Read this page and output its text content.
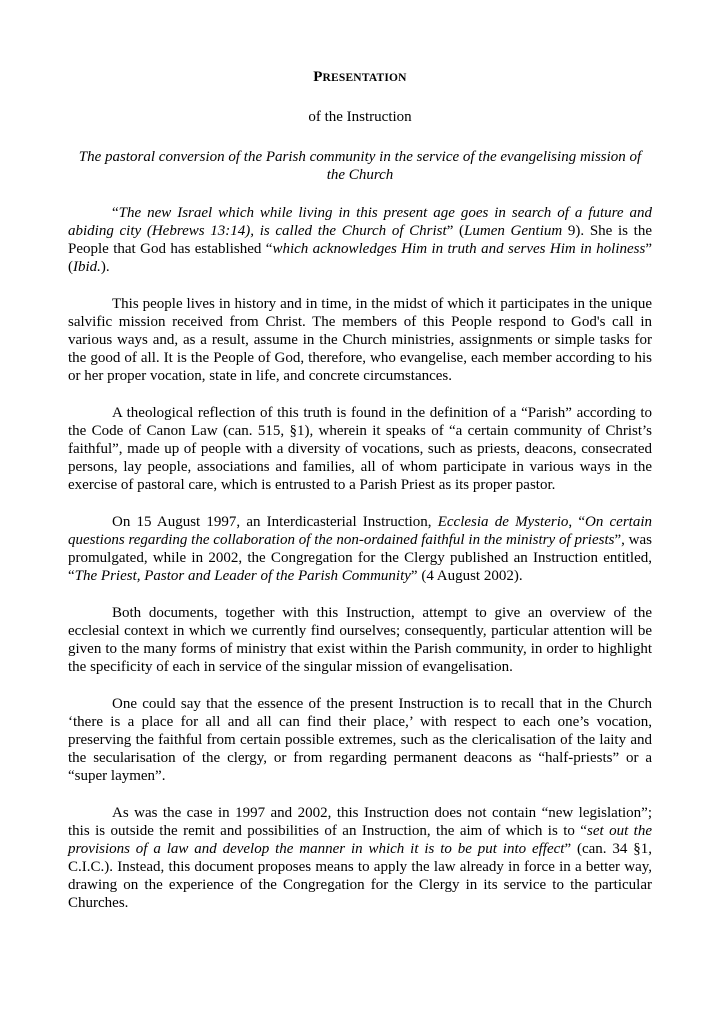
PRESENTATION

of the Instruction

The pastoral conversion of the Parish community in the service of the evangelising mission of the Church

“The new Israel which while living in this present age goes in search of a future and abiding city (Hebrews 13:14), is called the Church of Christ” (Lumen Gentium 9). She is the People that God has established “which acknowledges Him in truth and serves Him in holiness” (Ibid.).

This people lives in history and in time, in the midst of which it participates in the unique salvific mission received from Christ. The members of this People respond to God's call in various ways and, as a result, assume in the Church ministries, assignments or simple tasks for the good of all. It is the People of God, therefore, who evangelise, each member according to his or her proper vocation, state in life, and concrete circumstances.

A theological reflection of this truth is found in the definition of a “Parish” according to the Code of Canon Law (can. 515, §1), wherein it speaks of “a certain community of Christ’s faithful”, made up of people with a diversity of vocations, such as priests, deacons, consecrated persons, lay people, associations and families, all of whom participate in various ways in the exercise of pastoral care, which is entrusted to a Parish Priest as its proper pastor.

On 15 August 1997, an Interdicasterial Instruction, Ecclesia de Mysterio, “On certain questions regarding the collaboration of the non-ordained faithful in the ministry of priests”, was promulgated, while in 2002, the Congregation for the Clergy published an Instruction entitled, “The Priest, Pastor and Leader of the Parish Community” (4 August 2002).

Both documents, together with this Instruction, attempt to give an overview of the ecclesial context in which we currently find ourselves; consequently, particular attention will be given to the many forms of ministry that exist within the Parish community, in order to highlight the specificity of each in service of the singular mission of evangelisation.

One could say that the essence of the present Instruction is to recall that in the Church ‘there is a place for all and all can find their place,’ with respect to each one’s vocation, preserving the faithful from certain possible extremes, such as the clericalisation of the laity and the secularisation of the clergy, or from regarding permanent deacons as “half-priests” or a “super laymen”.

As was the case in 1997 and 2002, this Instruction does not contain “new legislation”; this is outside the remit and possibilities of an Instruction, the aim of which is to “set out the provisions of a law and develop the manner in which it is to be put into effect” (can. 34 §1, C.I.C.). Instead, this document proposes means to apply the law already in force in a better way, drawing on the experience of the Congregation for the Clergy in its service to the particular Churches.
